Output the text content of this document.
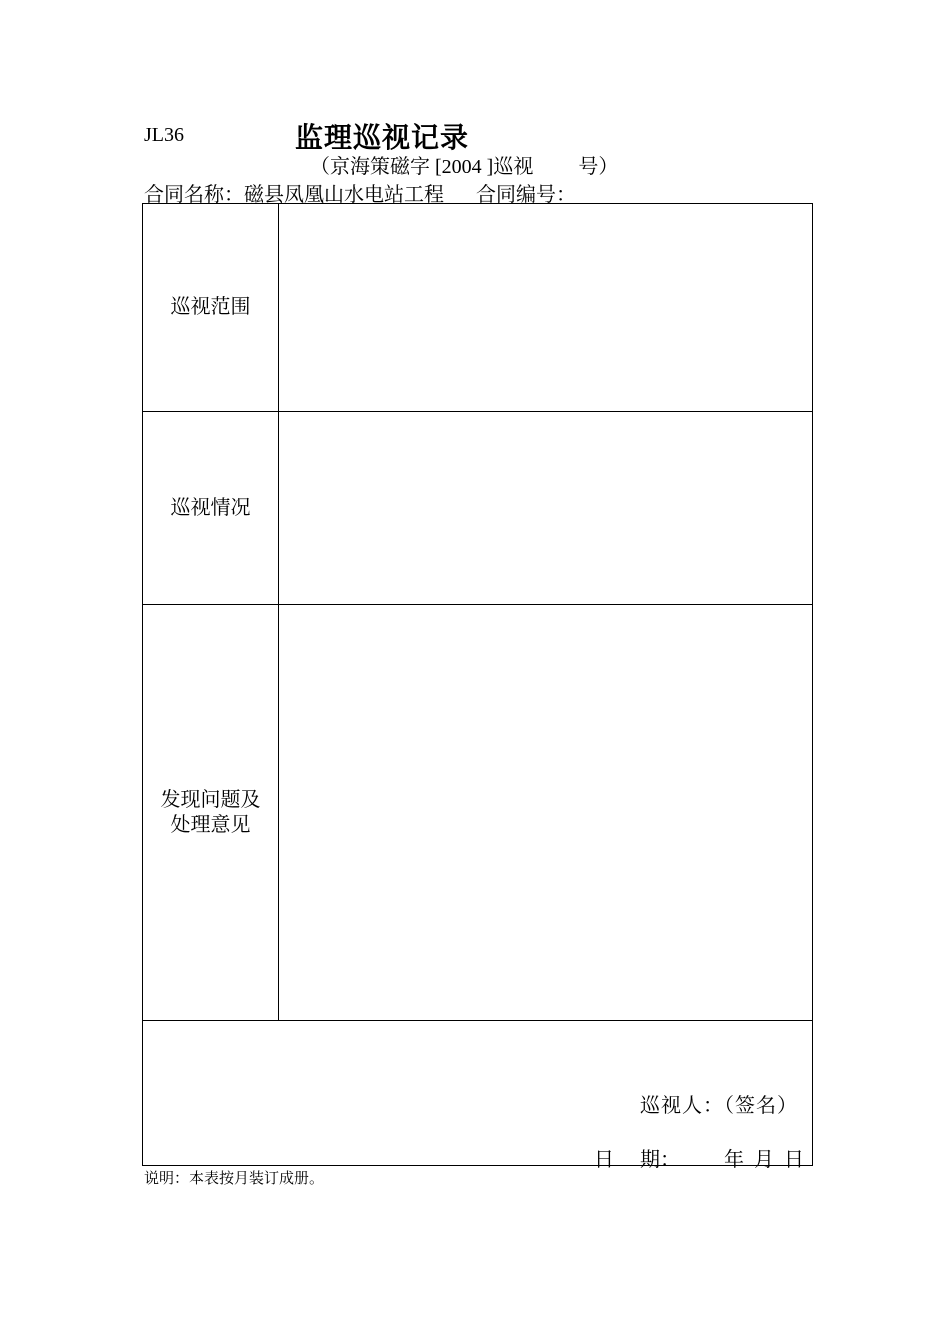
JL36	监理巡视记录
（京海策磁字 [2004 ]巡视　　 号）
合同名称：磁县凤凰山水电站工程 合同编号：
巡视范围
巡视情况
发现问题及
处理意见
巡视人：（签名）
日 期： 年 月 日
说明：本表按月装订成册。
